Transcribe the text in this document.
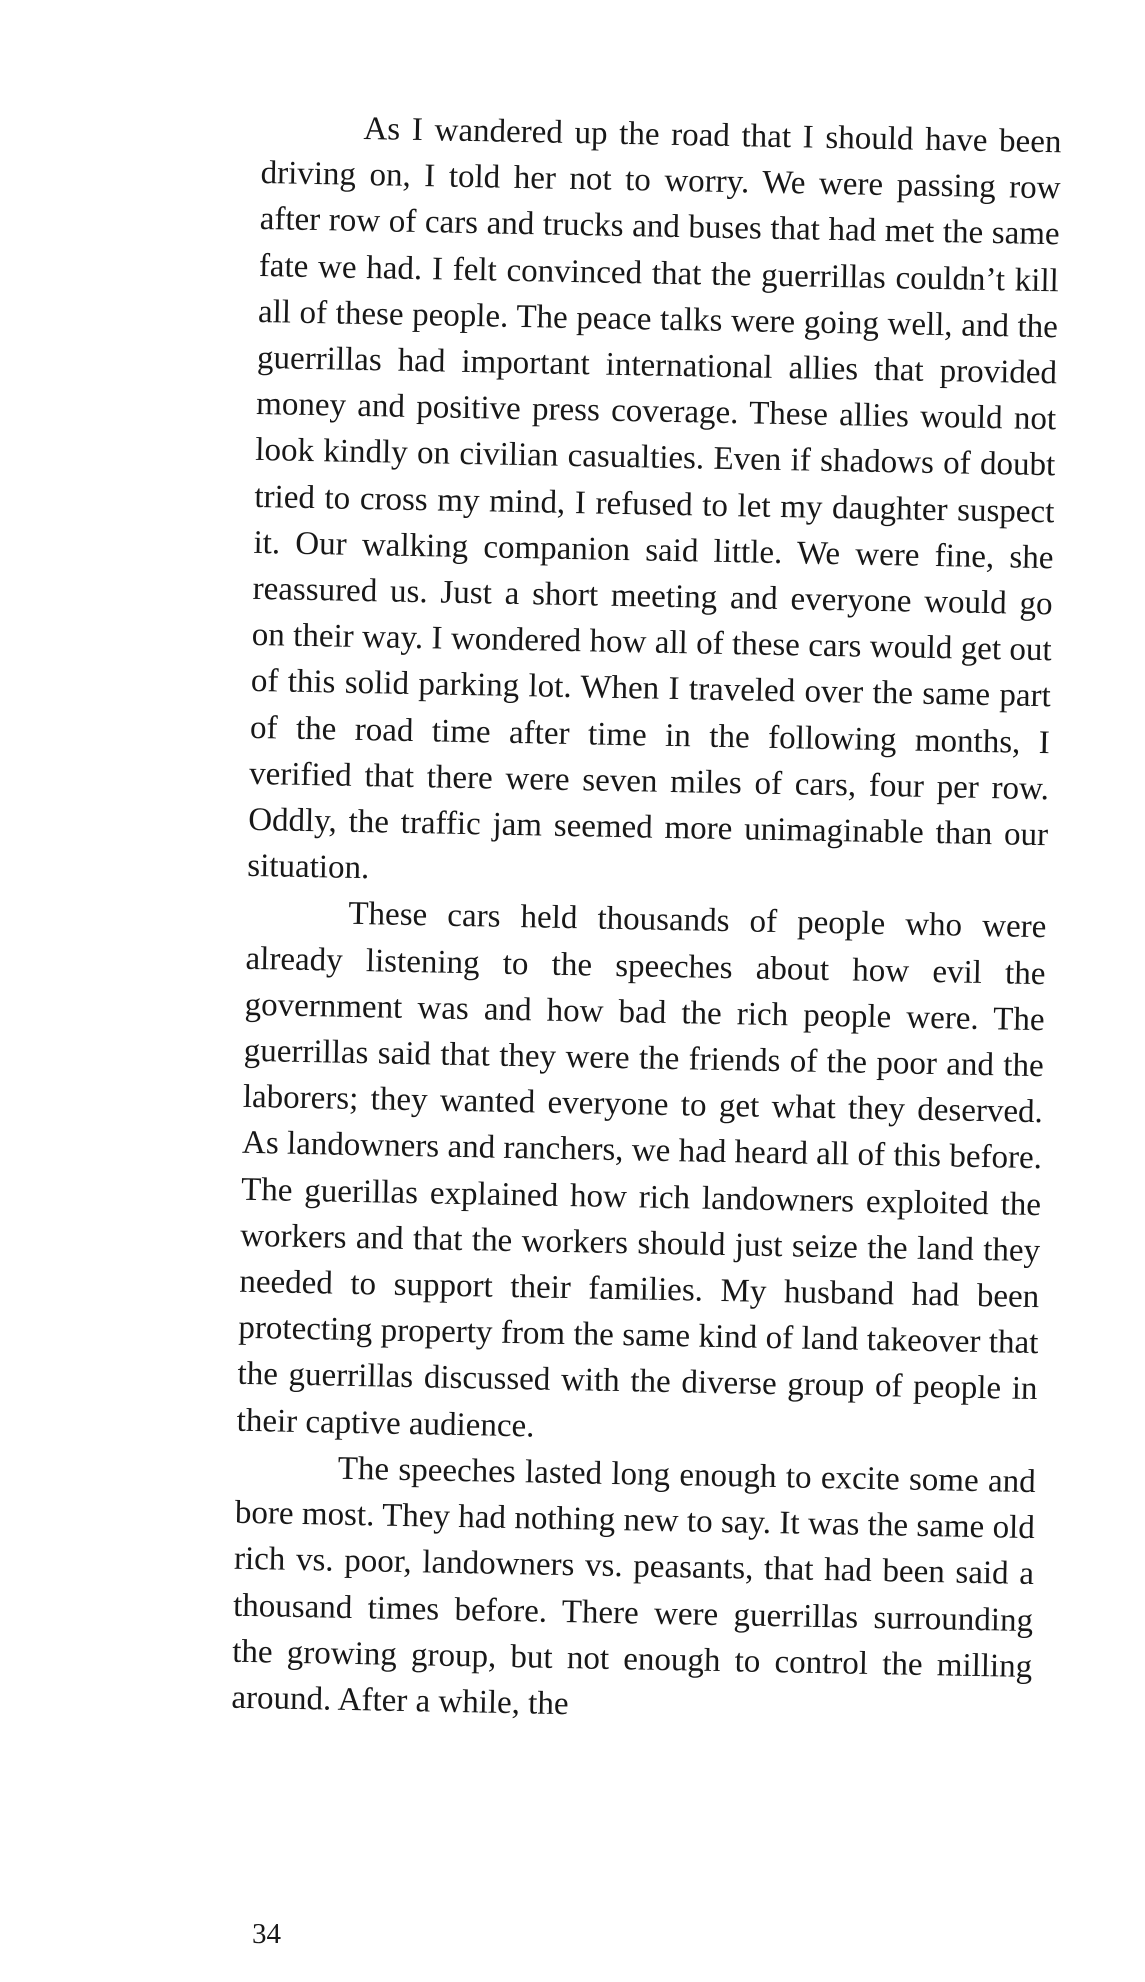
As I wandered up the road that I should have been driving on, I told her not to worry. We were passing row after row of cars and trucks and buses that had met the same fate we had. I felt convinced that the guerrillas couldn’t kill all of these people. The peace talks were going well, and the guerrillas had important international allies that provided money and positive press coverage. These allies would not look kindly on civilian casualties. Even if shadows of doubt tried to cross my mind, I refused to let my daughter suspect it. Our walking companion said little. We were fine, she reassured us. Just a short meeting and everyone would go on their way. I wondered how all of these cars would get out of this solid parking lot. When I traveled over the same part of the road time after time in the following months, I verified that there were seven miles of cars, four per row. Oddly, the traffic jam seemed more unimaginable than our situation.

These cars held thousands of people who were already listening to the speeches about how evil the government was and how bad the rich people were. The guerrillas said that they were the friends of the poor and the laborers; they wanted everyone to get what they deserved. As landowners and ranchers, we had heard all of this before. The guerillas explained how rich landowners exploited the workers and that the workers should just seize the land they needed to support their families. My husband had been protecting property from the same kind of land takeover that the guerrillas discussed with the diverse group of people in their captive audience.

The speeches lasted long enough to excite some and bore most. They had nothing new to say. It was the same old rich vs. poor, landowners vs. peasants, that had been said a thousand times before. There were guerrillas surrounding the growing group, but not enough to control the milling around. After a while, the

34
